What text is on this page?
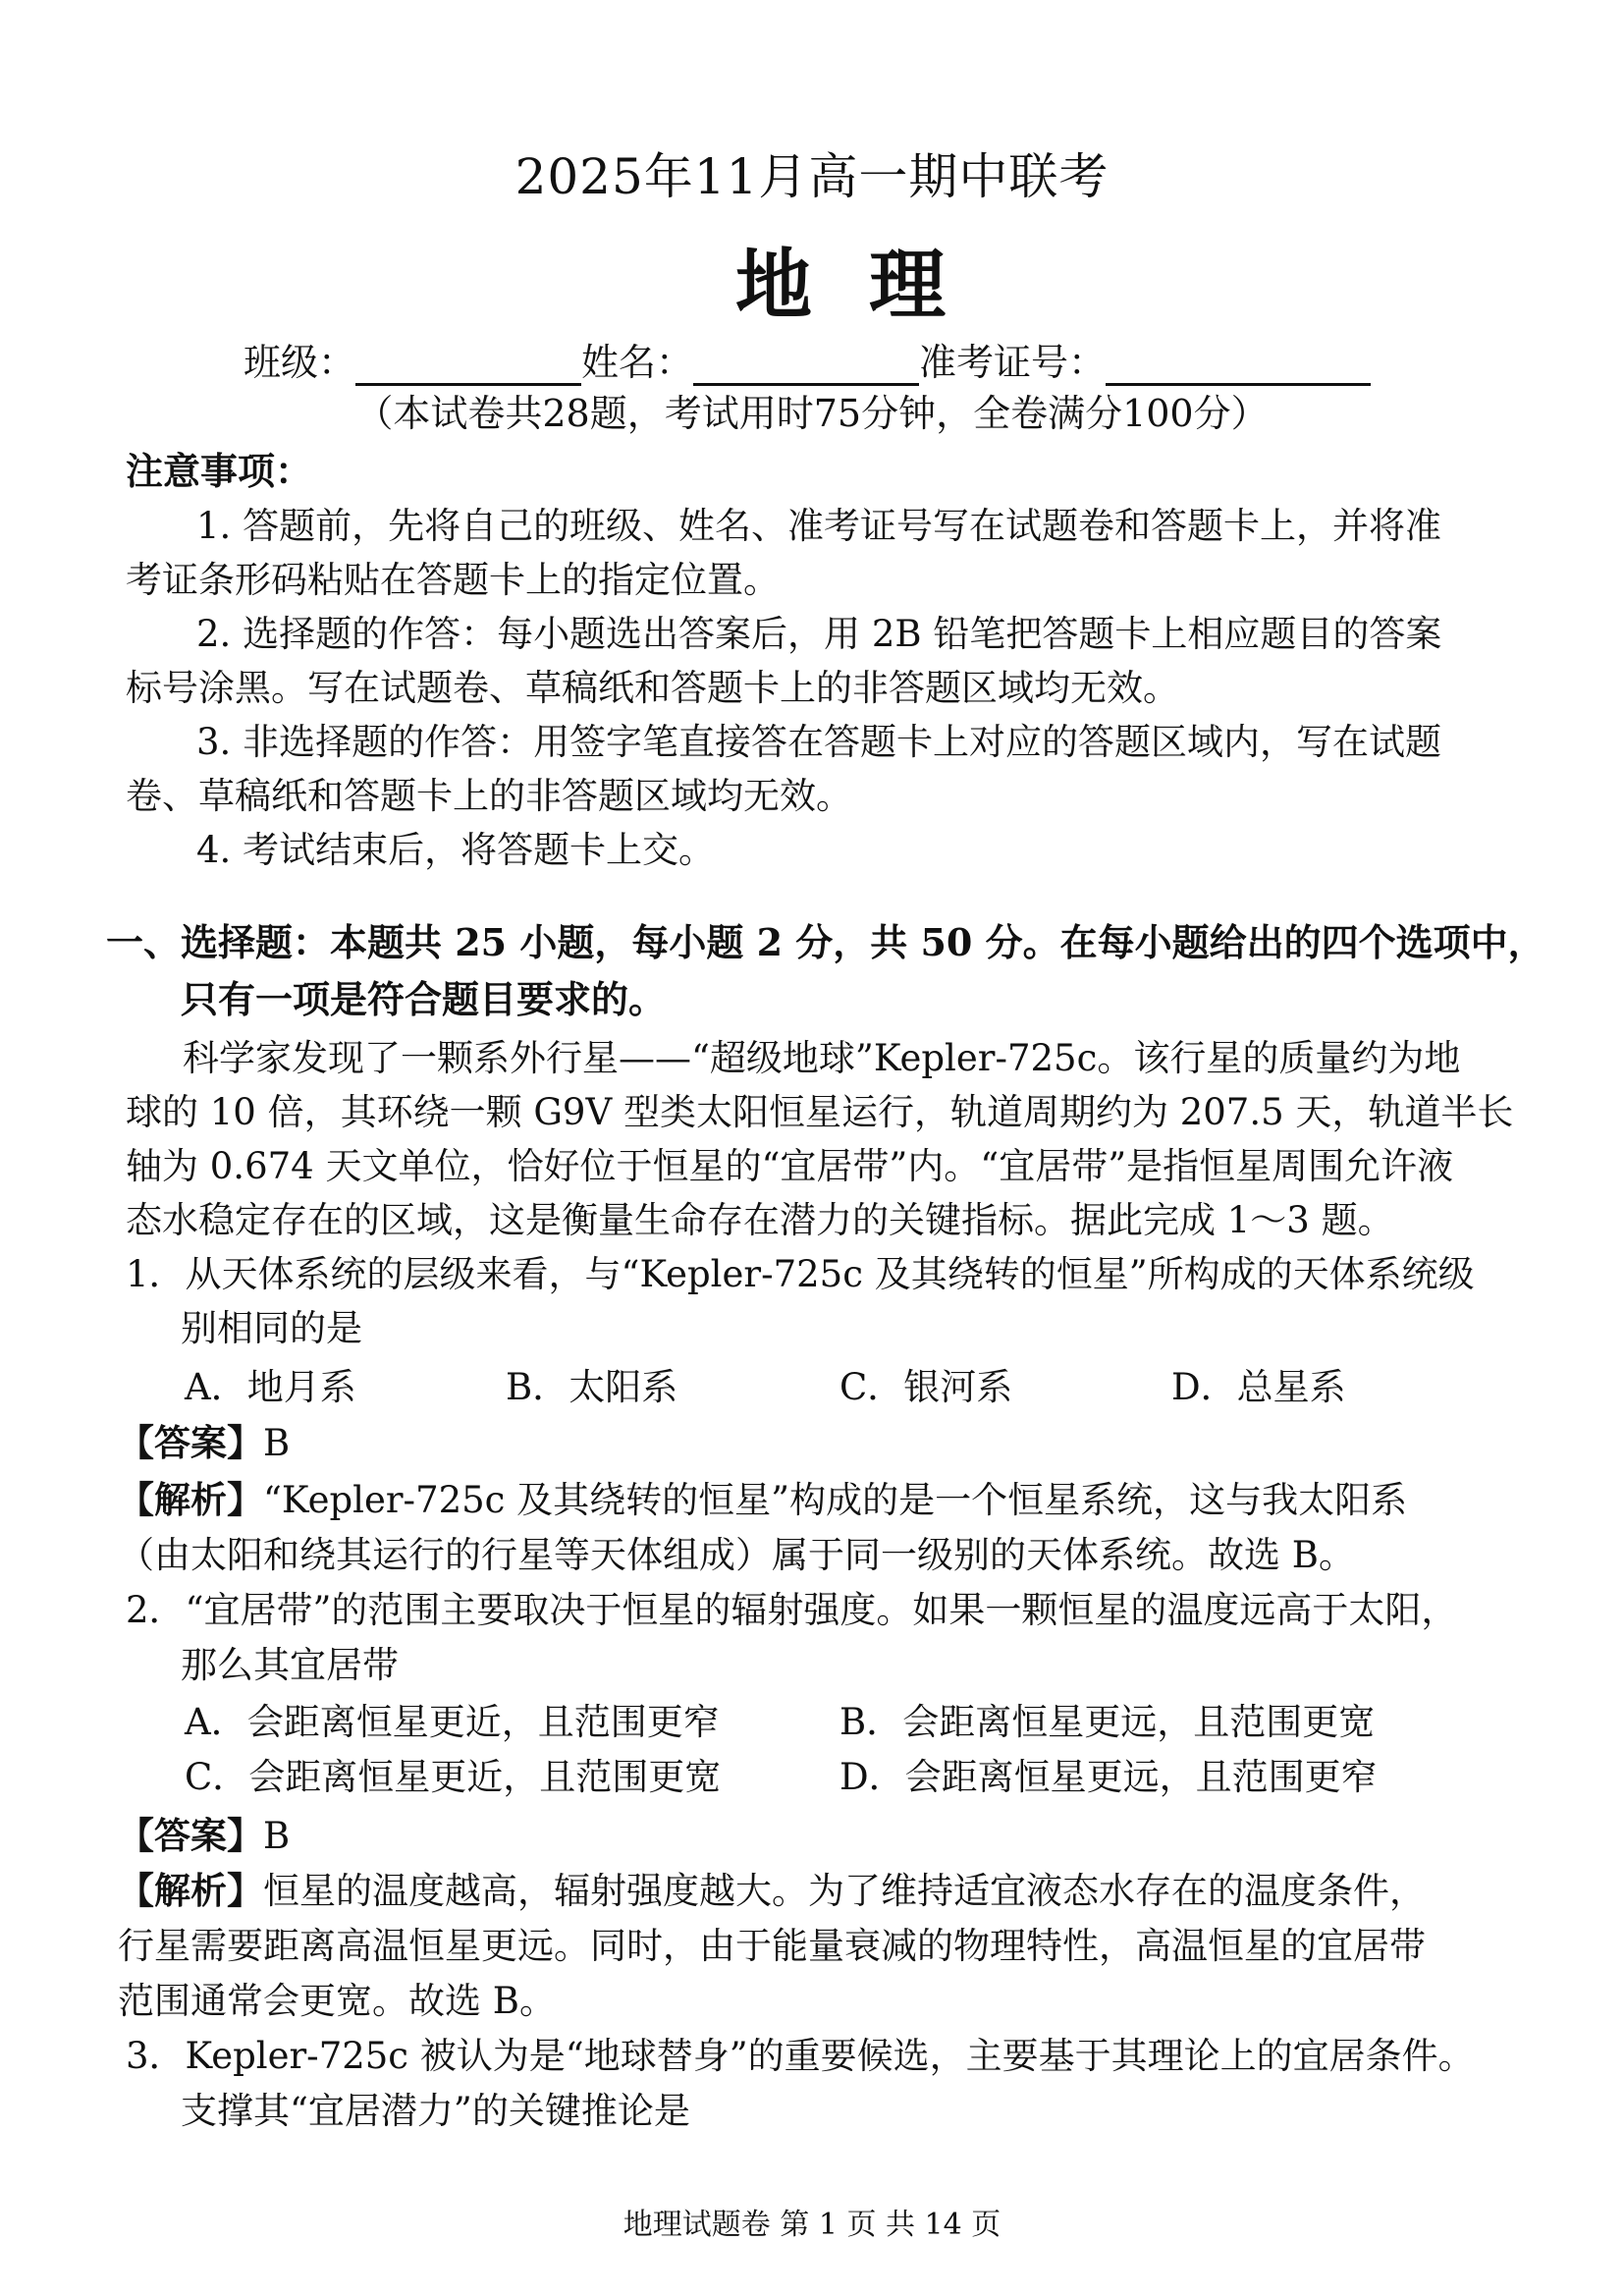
2025年11月高一期中联考
地理
班级：	姓名：	准考证号：
（本试卷共28题，考试用时75分钟，全卷满分100分）
注意事项：
1. 答题前，先将自己的班级、姓名、准考证号写在试题卷和答题卡上，并将准
考证条形码粘贴在答题卡上的指定位置。
2. 选择题的作答：每小题选出答案后，用 2B 铅笔把答题卡上相应题目的答案
标号涂黑。写在试题卷、草稿纸和答题卡上的非答题区域均无效。
3. 非选择题的作答：用签字笔直接答在答题卡上对应的答题区域内，写在试题
卷、草稿纸和答题卡上的非答题区域均无效。
4. 考试结束后，将答题卡上交。
一、选择题：本题共 25 小题，每小题 2 分，共 50 分。在每小题给出的四个选项中，
只有一项是符合题目要求的。
科学家发现了一颗系外行星——“超级地球”Kepler-725c。该行星的质量约为地
球的 10 倍，其环绕一颗 G9V 型类太阳恒星运行，轨道周期约为 207.5 天，轨道半长
轴为 0.674 天文单位，恰好位于恒星的“宜居带”内。“宜居带”是指恒星周围允许液
态水稳定存在的区域，这是衡量生命存在潜力的关键指标。据此完成 1～3 题。
1．从天体系统的层级来看，与“Kepler-725c 及其绕转的恒星”所构成的天体系统级
别相同的是
A．地月系	B．太阳系	C．银河系	D．总星系
【答案】B
【解析】“Kepler-725c 及其绕转的恒星”构成的是一个恒星系统，这与我太阳系
（由太阳和绕其运行的行星等天体组成）属于同一级别的天体系统。故选 B。
2．“宜居带”的范围主要取决于恒星的辐射强度。如果一颗恒星的温度远高于太阳，
那么其宜居带
A．会距离恒星更近，且范围更窄	B．会距离恒星更远，且范围更宽
C．会距离恒星更近，且范围更宽	D．会距离恒星更远，且范围更窄
【答案】B
【解析】恒星的温度越高，辐射强度越大。为了维持适宜液态水存在的温度条件，
行星需要距离高温恒星更远。同时，由于能量衰减的物理特性，高温恒星的宜居带
范围通常会更宽。故选 B。
3．Kepler-725c 被认为是“地球替身”的重要候选，主要基于其理论上的宜居条件。
支撑其“宜居潜力”的关键推论是
地理试题卷 第 1 页 共 14 页
